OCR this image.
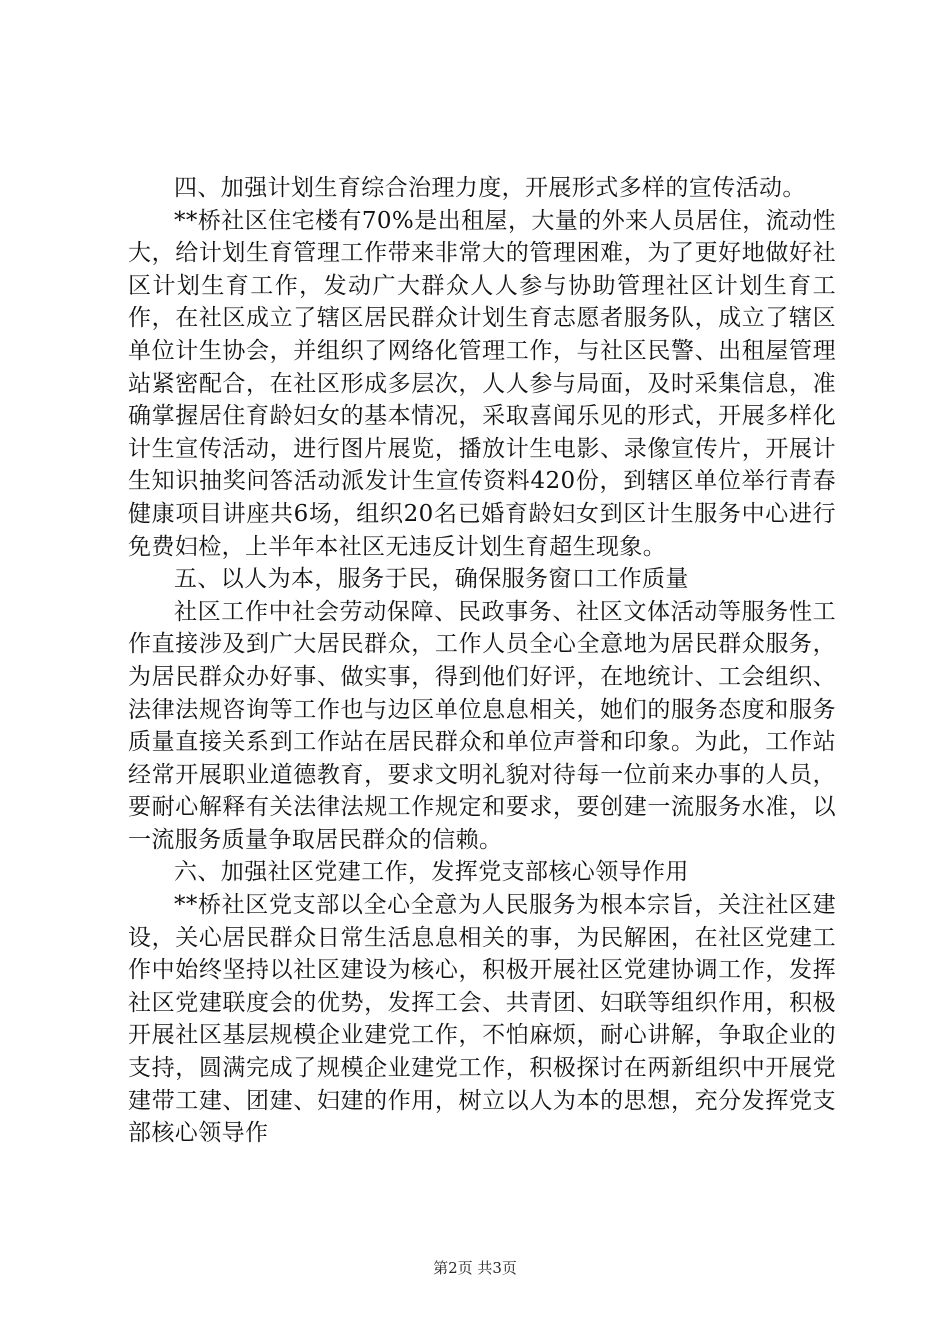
四、加强计划生育综合治理力度，开展形式多样的宣传活动。

**桥社区住宅楼有70%是出租屋，大量的外来人员居住，流动性大，给计划生育管理工作带来非常大的管理困难，为了更好地做好社区计划生育工作，发动广大群众人人参与协助管理社区计划生育工作，在社区成立了辖区居民群众计划生育志愿者服务队，成立了辖区单位计生协会，并组织了网络化管理工作，与社区民警、出租屋管理站紧密配合，在社区形成多层次，人人参与局面，及时采集信息，准确掌握居住育龄妇女的基本情况，采取喜闻乐见的形式，开展多样化计生宣传活动，进行图片展览，播放计生电影、录像宣传片，开展计生知识抽奖问答活动派发计生宣传资料420份，到辖区单位举行青春健康项目讲座共6场，组织20名已婚育龄妇女到区计生服务中心进行免费妇检，上半年本社区无违反计划生育超生现象。

五、以人为本，服务于民，确保服务窗口工作质量

社区工作中社会劳动保障、民政事务、社区文体活动等服务性工作直接涉及到广大居民群众，工作人员全心全意地为居民群众服务，为居民群众办好事、做实事，得到他们好评，在地统计、工会组织、法律法规咨询等工作也与边区单位息息相关，她们的服务态度和服务质量直接关系到工作站在居民群众和单位声誉和印象。为此，工作站经常开展职业道德教育，要求文明礼貌对待每一位前来办事的人员，要耐心解释有关法律法规工作规定和要求，要创建一流服务水准，以一流服务质量争取居民群众的信赖。

六、加强社区党建工作，发挥党支部核心领导作用

**桥社区党支部以全心全意为人民服务为根本宗旨，关注社区建设，关心居民群众日常生活息息相关的事，为民解困，在社区党建工作中始终坚持以社区建设为核心，积极开展社区党建协调工作，发挥社区党建联度会的优势，发挥工会、共青团、妇联等组织作用，积极开展社区基层规模企业建党工作，不怕麻烦，耐心讲解，争取企业的支持，圆满完成了规模企业建党工作，积极探讨在两新组织中开展党建带工建、团建、妇建的作用，树立以人为本的思想，充分发挥党支部核心领导作

第2页 共3页
